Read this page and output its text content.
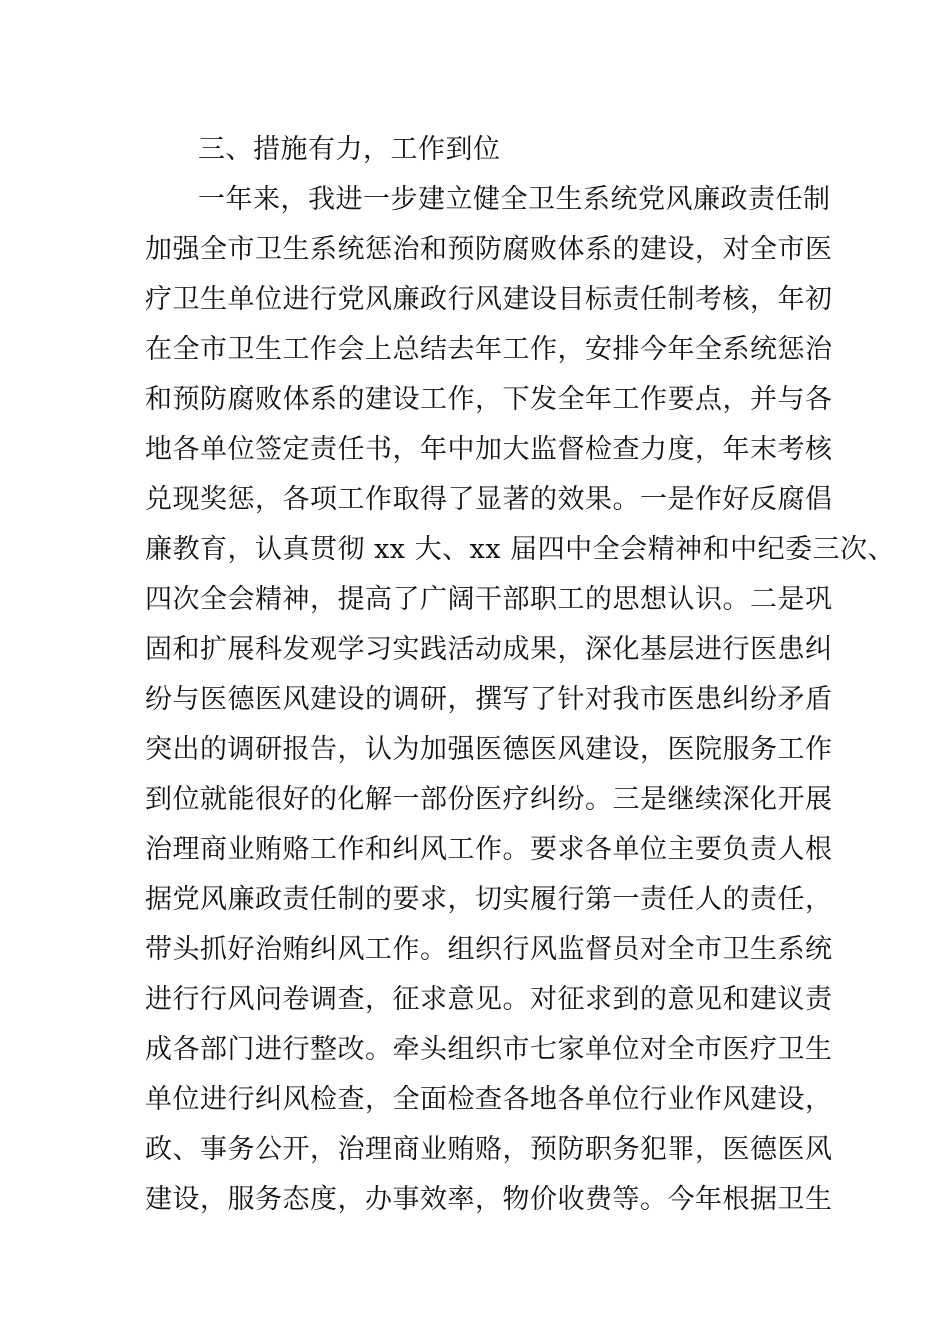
三、措施有力，工作到位
一年来，我进一步建立健全卫生系统党风廉政责任制
加强全市卫生系统惩治和预防腐败体系的建设，对全市医
疗卫生单位进行党风廉政行风建设目标责任制考核，年初
在全市卫生工作会上总结去年工作，安排今年全系统惩治
和预防腐败体系的建设工作，下发全年工作要点，并与各
地各单位签定责任书，年中加大监督检查力度，年末考核
兑现奖惩，各项工作取得了显著的效果。一是作好反腐倡
廉教育，认真贯彻 xx 大、xx 届四中全会精神和中纪委三次、
四次全会精神，提高了广阔干部职工的思想认识。二是巩
固和扩展科发观学习实践活动成果，深化基层进行医患纠
纷与医德医风建设的调研，撰写了针对我市医患纠纷矛盾
突出的调研报告，认为加强医德医风建设，医院服务工作
到位就能很好的化解一部份医疗纠纷。三是继续深化开展
治理商业贿赂工作和纠风工作。要求各单位主要负责人根
据党风廉政责任制的要求，切实履行第一责任人的责任，
带头抓好治贿纠风工作。组织行风监督员对全市卫生系统
进行行风问卷调查，征求意见。对征求到的意见和建议责
成各部门进行整改。牵头组织市七家单位对全市医疗卫生
单位进行纠风检查，全面检查各地各单位行业作风建设，
政、事务公开，治理商业贿赂，预防职务犯罪，医德医风
建设，服务态度，办事效率，物价收费等。今年根据卫生
